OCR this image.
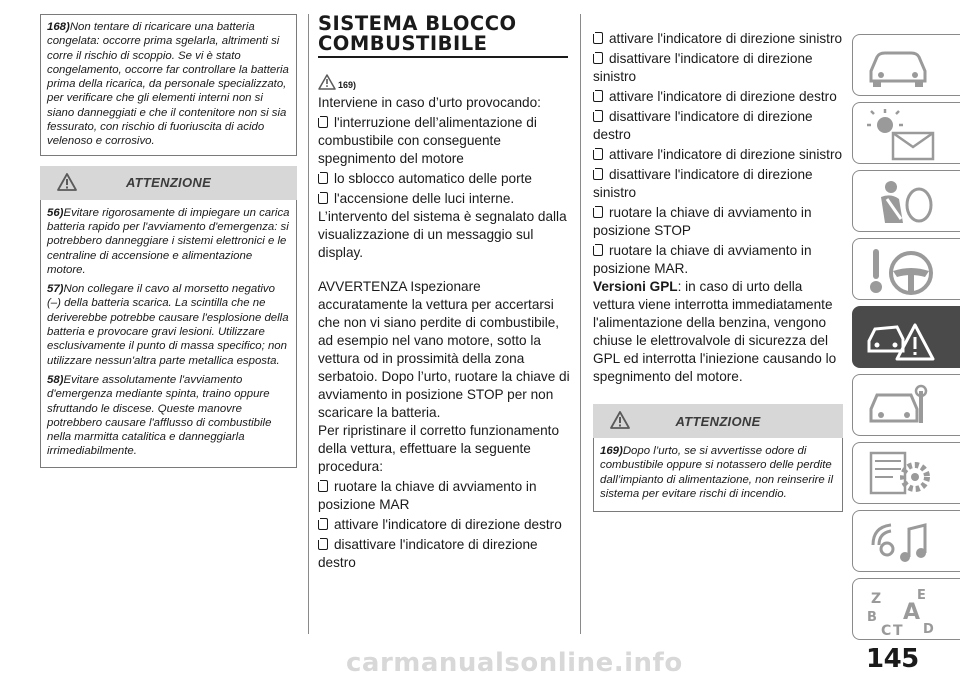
168)Non tentare di ricaricare una batteria congelata: occorre prima sgelarla, altrimenti si corre il rischio di scoppio. Se vi è stato congelamento, occorre far controllare la batteria prima della ricarica, da personale specializzato, per verificare che gli elementi interni non si siano danneggiati e che il contenitore non si sia fessurato, con rischio di fuoriuscita di acido velenoso e corrosivo.

ATTENZIONE

56)Evitare rigorosamente di impiegare un carica batteria rapido per l'avviamento d'emergenza: si potrebbero danneggiare i sistemi elettronici e le centraline di accensione e alimentazione motore.

57)Non collegare il cavo al morsetto negativo (–) della batteria scarica. La scintilla che ne deriverebbe potrebbe causare l'esplosione della batteria e provocare gravi lesioni. Utilizzare esclusivamente il punto di massa specifico; non utilizzare nessun'altra parte metallica esposta.

58)Evitare assolutamente l'avviamento d'emergenza mediante spinta, traino oppure sfruttando le discese. Queste manovre potrebbero causare l'afflusso di combustibile nella marmitta catalitica e danneggiarla irrimediabilmente.

SISTEMA BLOCCO
COMBUSTIBILE
169)

Interviene in caso d’urto provocando:

l'interruzione dell’alimentazione di combustibile con conseguente spegnimento del motore

lo sblocco automatico delle porte

l'accensione delle luci interne.

L’intervento del sistema è segnalato dalla visualizzazione di un messaggio sul display.

AVVERTENZA Ispezionare accuratamente la vettura per accertarsi che non vi siano perdite di combustibile, ad esempio nel vano motore, sotto la vettura od in prossimità della zona serbatoio. Dopo l’urto, ruotare la chiave di avviamento in posizione STOP per non scaricare la batteria.

Per ripristinare il corretto funzionamento della vettura, effettuare la seguente procedura:

ruotare la chiave di avviamento in posizione MAR

attivare l'indicatore di direzione destro

disattivare l'indicatore di direzione destro

attivare l'indicatore di direzione sinistro

disattivare l'indicatore di direzione sinistro

attivare l'indicatore di direzione destro

disattivare l'indicatore di direzione destro

attivare l'indicatore di direzione sinistro

disattivare l'indicatore di direzione sinistro

ruotare la chiave di avviamento in posizione STOP

ruotare la chiave di avviamento in posizione MAR.

Versioni GPL: in caso di urto della vettura viene interrotta immediatamente l'alimentazione della benzina, vengono chiuse le elettrovalvole di sicurezza del GPL ed interrotta l'iniezione causando lo spegnimento del motore.

ATTENZIONE

169)Dopo l’urto, se si avvertisse odore di combustibile oppure si notassero delle perdite dall’impianto di alimentazione, non reinserire il sistema per evitare rischi di incendio.

Z	E
B A
C T D
carmanualsonline.info	145
